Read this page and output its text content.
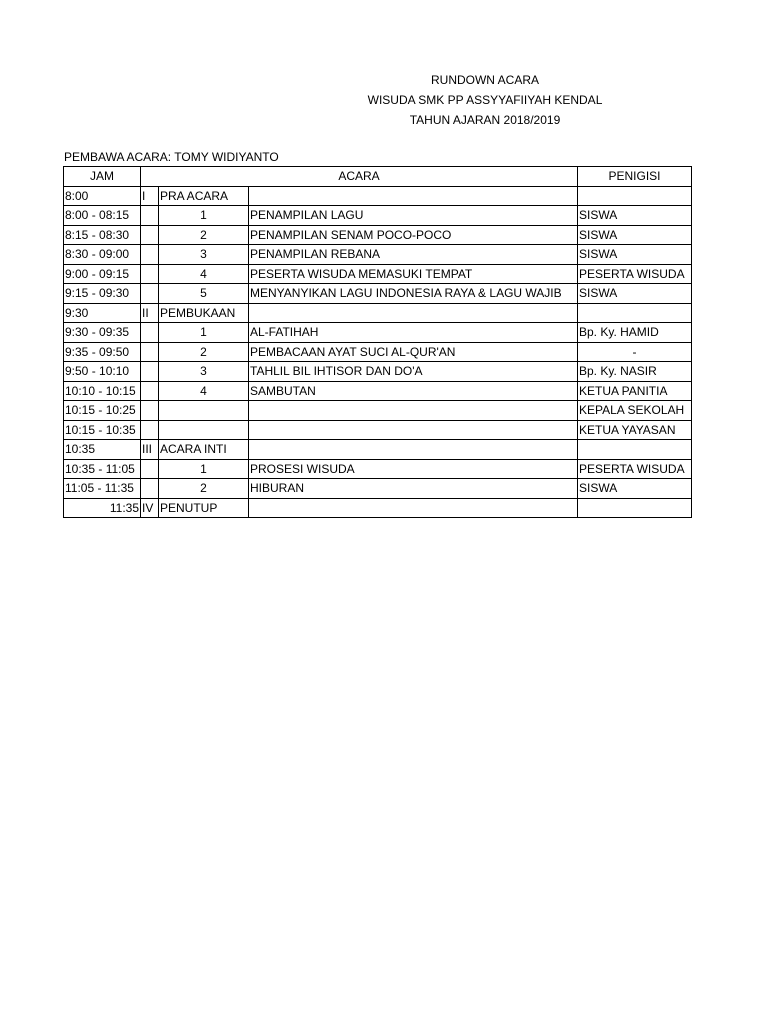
RUNDOWN ACARA
WISUDA SMK PP ASSYYAFIIYAH KENDAL
TAHUN AJARAN 2018/2019
PEMBAWA ACARA: TOMY WIDIYANTO
JAM	ACARA			PENIGISI
8:00	I	PRA ACARA		
8:00 - 08:15		1	PENAMPILAN LAGU	SISWA
8:15 - 08:30		2	PENAMPILAN SENAM POCO-POCO	SISWA
8:30 - 09:00		3	PENAMPILAN REBANA	SISWA
9:00 - 09:15		4	PESERTA WISUDA MEMASUKI TEMPAT	PESERTA WISUDA
9:15 - 09:30		5	MENYANYIKAN LAGU INDONESIA RAYA & LAGU WAJIB	SISWA
9:30	II	PEMBUKAAN		
9:30 - 09:35		1	AL-FATIHAH	Bp. Ky. HAMID
9:35 - 09:50		2	PEMBACAAN AYAT SUCI AL-QUR'AN	-
9:50 - 10:10		3	TAHLIL BIL IHTISOR DAN DO'A	Bp. Ky. NASIR
10:10 - 10:15		4	SAMBUTAN	KETUA PANITIA
10:15 - 10:25				KEPALA SEKOLAH
10:15 - 10:35				KETUA YAYASAN
10:35	III	ACARA INTI		
10:35 - 11:05		1	PROSESI WISUDA	PESERTA WISUDA
11:05 - 11:35		2	HIBURAN	SISWA
11:35	IV	PENUTUP		
